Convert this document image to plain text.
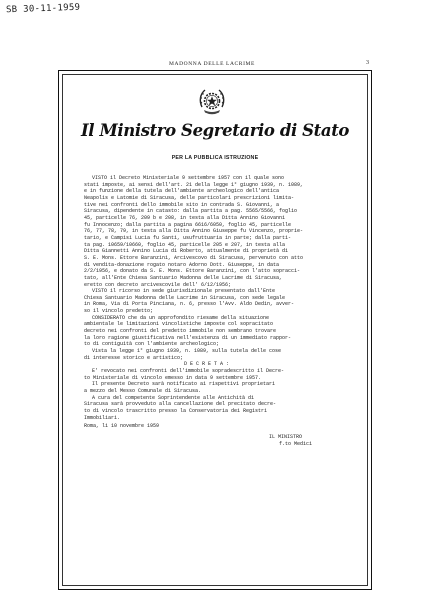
SB 30-11-1959
MADONNA DELLE LACRIME	3
Il Ministro Segretario di Stato
PER LA PUBBLICA ISTRUZIONE

VISTO il Decreto Ministeriale 9 settembre 1957 con il quale sono
stati imposte, ai sensi dell'art. 21 della legge 1° giugno 1939, n. 1089,
e in funzione della tutela dell'ambiente archeologico dell'antica
Neapolis e Latomie di Siracusa, delle particolari prescrizioni limita-
tive nei confronti dello immobile sito in contrada S. Giovanni, a
Siracusa, dipendente in catasto: dalla partita a pag. 5565/5566, foglio
45, particelle 76, 209 b e 208, in testa alla Ditta Annino Giovanni
fu Innocenzo; dalla partita a pagina 6616/6050, foglio 45, particelle
76, 77, 78, 79, in testa alla Ditta Annino Giuseppe fu Vincenzo, proprie-
tario, e Campisi Lucia fu Santi, usufruttuaria in parte; dalla parti-
ta pag. 10659/10660, foglio 45, particelle 205 e 207, in testa alla
Ditta Giannetti Annino Lucia di Roberto, attualmente di proprietà di
S. E. Mons. Ettore Baranzini, Arcivescovo di Siracusa, pervenuto con atto
di vendita-donazione rogato notaro Adorno Dott. Giuseppe, in data
2/2/1956, e donato da S. E. Mons. Ettore Baranzini, con l'atto sopracci-
tato, all'Ente Chiesa Santuario Madonna delle Lacrime di Siracusa,
eretto con decreto arcivescovile dell' 6/12/1956;

VISTO il ricorso in sede giurisdizionale presentato dall'Ente
Chiesa Santuario Madonna delle Lacrime in Siracusa, con sede legale
in Roma, Via di Porta Pinciana, n. 6, presso l'Avv. Aldo Dedin, avver-
so il vincolo predetto;

CONSIDERATO che da un approfondito riesame della situazione
ambientale le limitazioni vincolistiche imposte col sopracitato
decreto nei confronti del predetto immobile non sembrano trovare
la loro ragione giustificativa nell'esistenza di un immediato rappor-
to di contiguità con l'ambiente archeologico;

Vista la legge 1° giugno 1939, n. 1089, sulla tutela delle cose
di interesse storico e artistico;

D E C R E T A :

E' revocato nei confronti dell'immobile sopradescritto il Decre-
to Ministeriale di vincolo emesso in data 9 settembre 1957.

Il presente Decreto sarà notificato ai rispettivi proprietari
a mezzo del Messo Comunale di Siracusa.

A cura del competente Soprintendente alle Antichità di
Siracusa sarà provveduto alla cancellazione del precitato decre-
to di vincolo trascritto presso la Conservatoria dei Registri
Immobiliari.

Roma, li 10 novembre 1959
IL MINISTRO
f.to Medici
